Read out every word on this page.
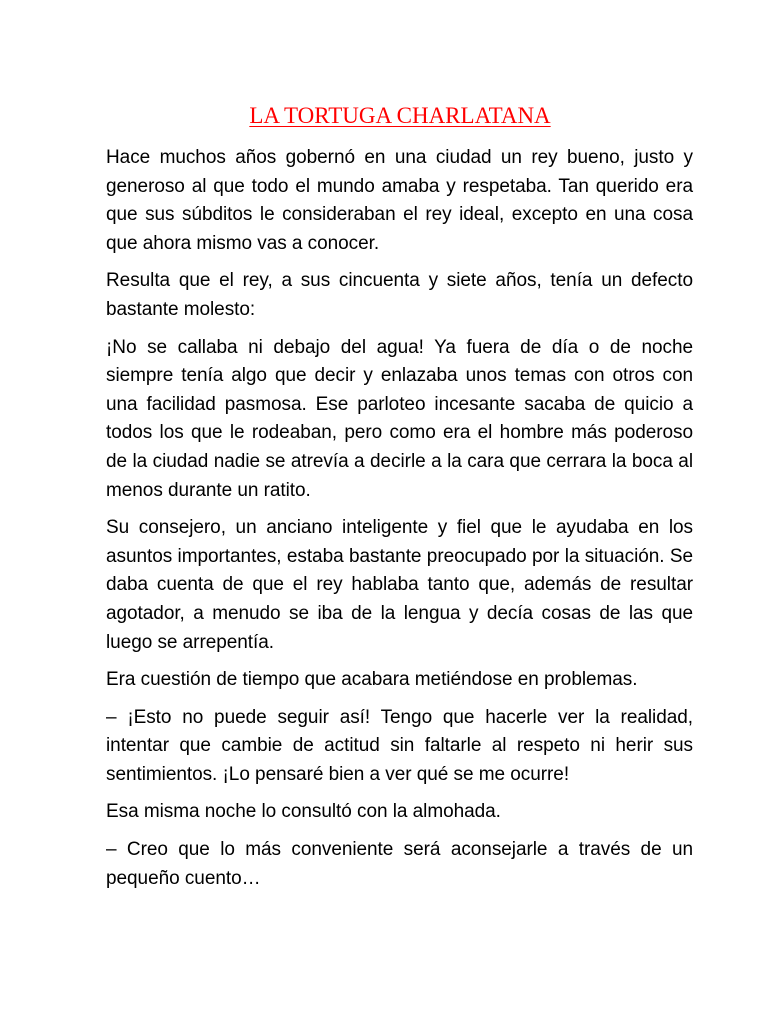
LA TORTUGA CHARLATANA

Hace muchos años gobernó en una ciudad un rey bueno, justo y generoso al que todo el mundo amaba y respetaba. Tan querido era que sus súbditos le consideraban el rey ideal, excepto en una cosa que ahora mismo vas a conocer.

Resulta que el rey, a sus cincuenta y siete años, tenía un defecto bastante molesto:

¡No se callaba ni debajo del agua! Ya fuera de día o de noche siempre tenía algo que decir y enlazaba unos temas con otros con una facilidad pasmosa. Ese parloteo incesante sacaba de quicio a todos los que le rodeaban, pero como era el hombre más poderoso de la ciudad nadie se atrevía a decirle a la cara que cerrara la boca al menos durante un ratito.

Su consejero, un anciano inteligente y fiel que le ayudaba en los asuntos importantes, estaba bastante preocupado por la situación. Se daba cuenta de que el rey hablaba tanto que, además de resultar agotador, a menudo se iba de la lengua y decía cosas de las que luego se arrepentía.

Era cuestión de tiempo que acabara metiéndose en problemas.

– ¡Esto no puede seguir así! Tengo que hacerle ver la realidad, intentar que cambie de actitud sin faltarle al respeto ni herir sus sentimientos. ¡Lo pensaré bien a ver qué se me ocurre!

Esa misma noche lo consultó con la almohada.

– Creo que lo más conveniente será aconsejarle a través de un pequeño cuento…
